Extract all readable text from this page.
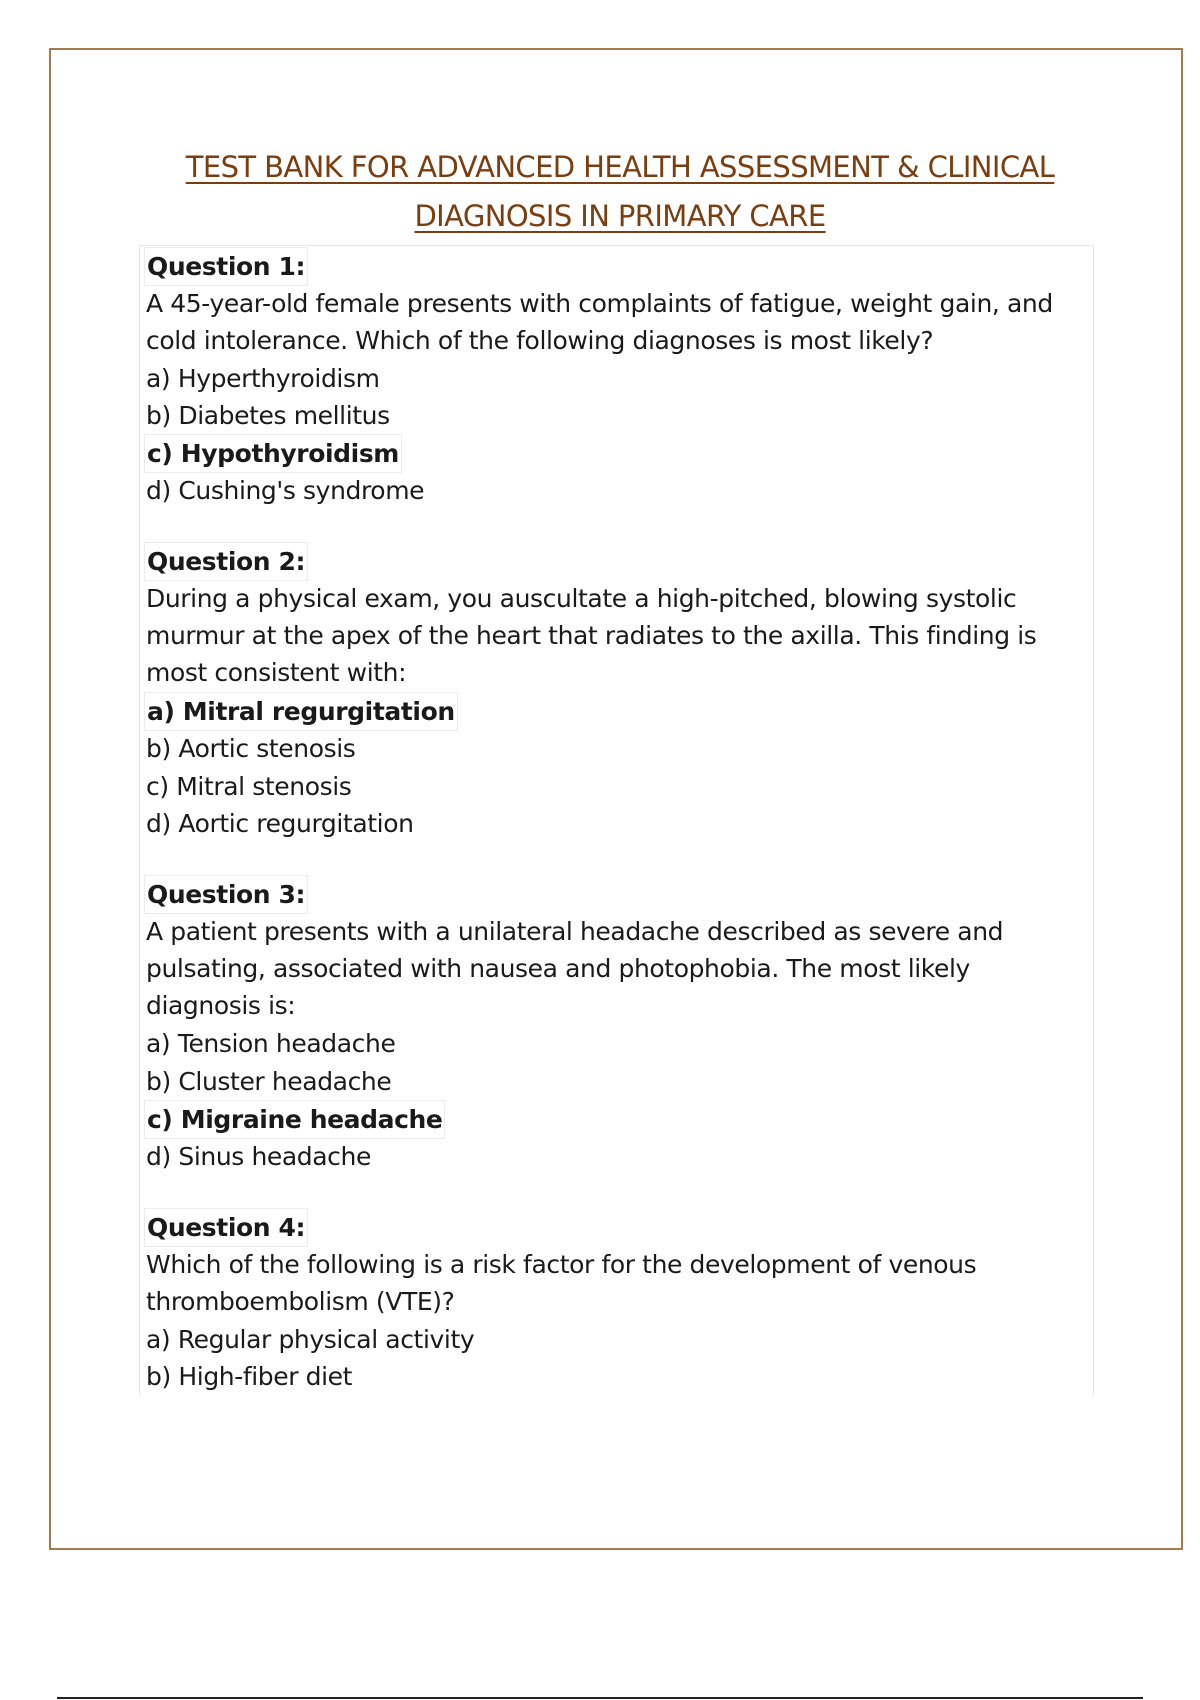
TEST BANK FOR ADVANCED HEALTH ASSESSMENT & CLINICAL
DIAGNOSIS IN PRIMARY CARE

Question 1:

A 45-year-old female presents with complaints of fatigue, weight gain, and

cold intolerance. Which of the following diagnoses is most likely?

a) Hyperthyroidism

b) Diabetes mellitus

c) Hypothyroidism

d) Cushing's syndrome

Question 2:

During a physical exam, you auscultate a high-pitched, blowing systolic

murmur at the apex of the heart that radiates to the axilla. This finding is

most consistent with:

a) Mitral regurgitation

b) Aortic stenosis

c) Mitral stenosis

d) Aortic regurgitation

Question 3:

A patient presents with a unilateral headache described as severe and

pulsating, associated with nausea and photophobia. The most likely

diagnosis is:

a) Tension headache

b) Cluster headache

c) Migraine headache

d) Sinus headache

Question 4:

Which of the following is a risk factor for the development of venous

thromboembolism (VTE)?

a) Regular physical activity

b) High-fiber diet
